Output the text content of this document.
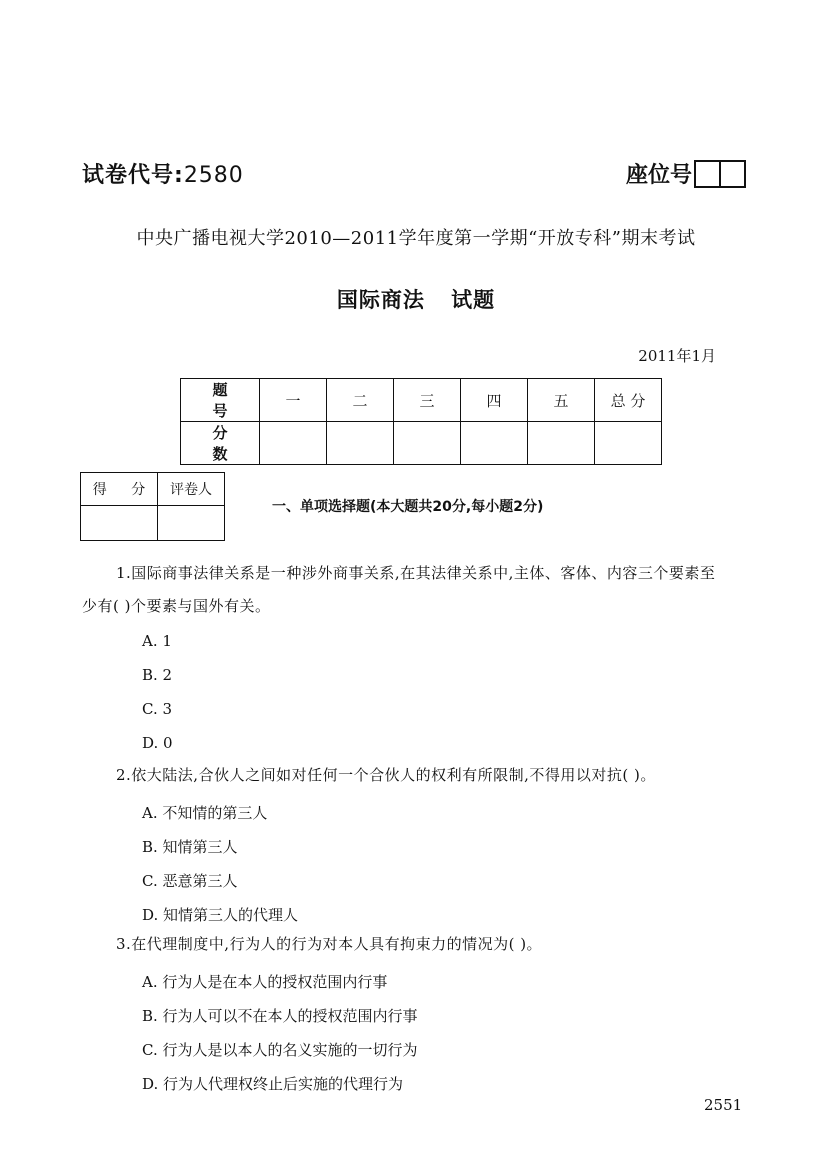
试卷代号:2580	座位号
中央广播电视大学2010—2011学年度第一学期“开放专科”期末考试
国际商法 试题
2011年1月
题 号	一	二	三	四	五	总 分
分 数						
得 分	评卷人

一、单项选择题(本大题共20分,每小题2分)
1.国际商事法律关系是一种涉外商事关系,在其法律关系中,主体、客体、内容三个要素至
少有( )个要素与国外有关。
A. 1
B. 2
C. 3
D. 0
2.依大陆法,合伙人之间如对任何一个合伙人的权利有所限制,不得用以对抗( )。
A. 不知情的第三人
B. 知情第三人
C. 恶意第三人
D. 知情第三人的代理人
3.在代理制度中,行为人的行为对本人具有拘束力的情况为( )。
A. 行为人是在本人的授权范围内行事
B. 行为人可以不在本人的授权范围内行事
C. 行为人是以本人的名义实施的一切行为
D. 行为人代理权终止后实施的代理行为
2551
